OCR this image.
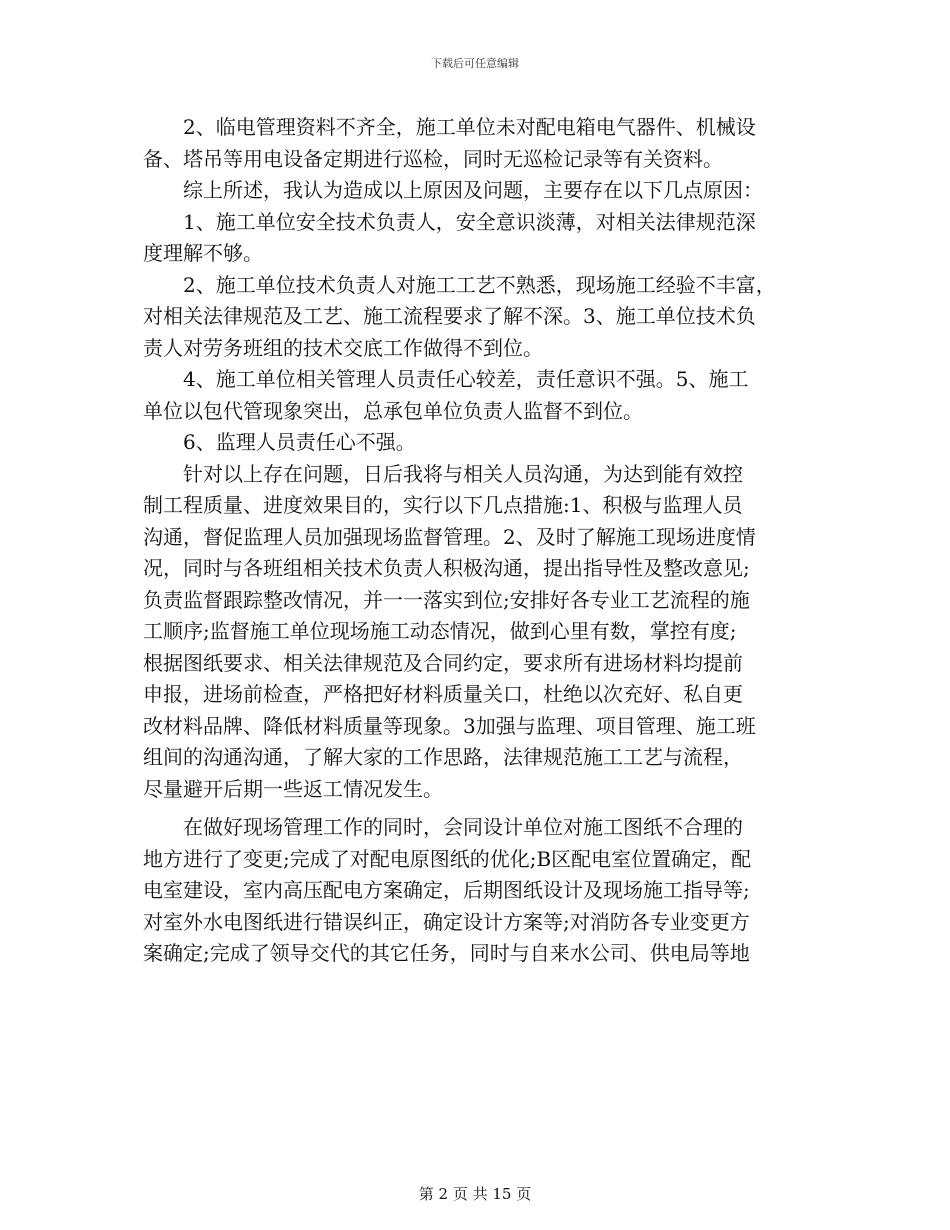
下载后可任意编辑
2、临电管理资料不齐全，施工单位未对配电箱电气器件、机械设
备、塔吊等用电设备定期进行巡检，同时无巡检记录等有关资料。
综上所述，我认为造成以上原因及问题，主要存在以下几点原因：
1、施工单位安全技术负责人，安全意识淡薄，对相关法律规范深
度理解不够。
2、施工单位技术负责人对施工工艺不熟悉，现场施工经验不丰富，
对相关法律规范及工艺、施工流程要求了解不深。3、施工单位技术负
责人对劳务班组的技术交底工作做得不到位。
4、施工单位相关管理人员责任心较差，责任意识不强。5、施工
单位以包代管现象突出，总承包单位负责人监督不到位。
6、监理人员责任心不强。
针对以上存在问题，日后我将与相关人员沟通，为达到能有效控
制工程质量、进度效果目的，实行以下几点措施:1、积极与监理人员
沟通，督促监理人员加强现场监督管理。2、及时了解施工现场进度情
况，同时与各班组相关技术负责人积极沟通，提出指导性及整改意见;
负责监督跟踪整改情况，并一一落实到位;安排好各专业工艺流程的施
工顺序;监督施工单位现场施工动态情况，做到心里有数，掌控有度;
根据图纸要求、相关法律规范及合同约定，要求所有进场材料均提前
申报，进场前检查，严格把好材料质量关口，杜绝以次充好、私自更
改材料品牌、降低材料质量等现象。3加强与监理、项目管理、施工班
组间的沟通沟通，了解大家的工作思路，法律规范施工工艺与流程，
尽量避开后期一些返工情况发生。
在做好现场管理工作的同时，会同设计单位对施工图纸不合理的
地方进行了变更;完成了对配电原图纸的优化;B区配电室位置确定，配
电室建设，室内高压配电方案确定，后期图纸设计及现场施工指导等;
对室外水电图纸进行错误纠正，确定设计方案等;对消防各专业变更方
案确定;完成了领导交代的其它任务，同时与自来水公司、供电局等地
第 2 页 共 15 页
